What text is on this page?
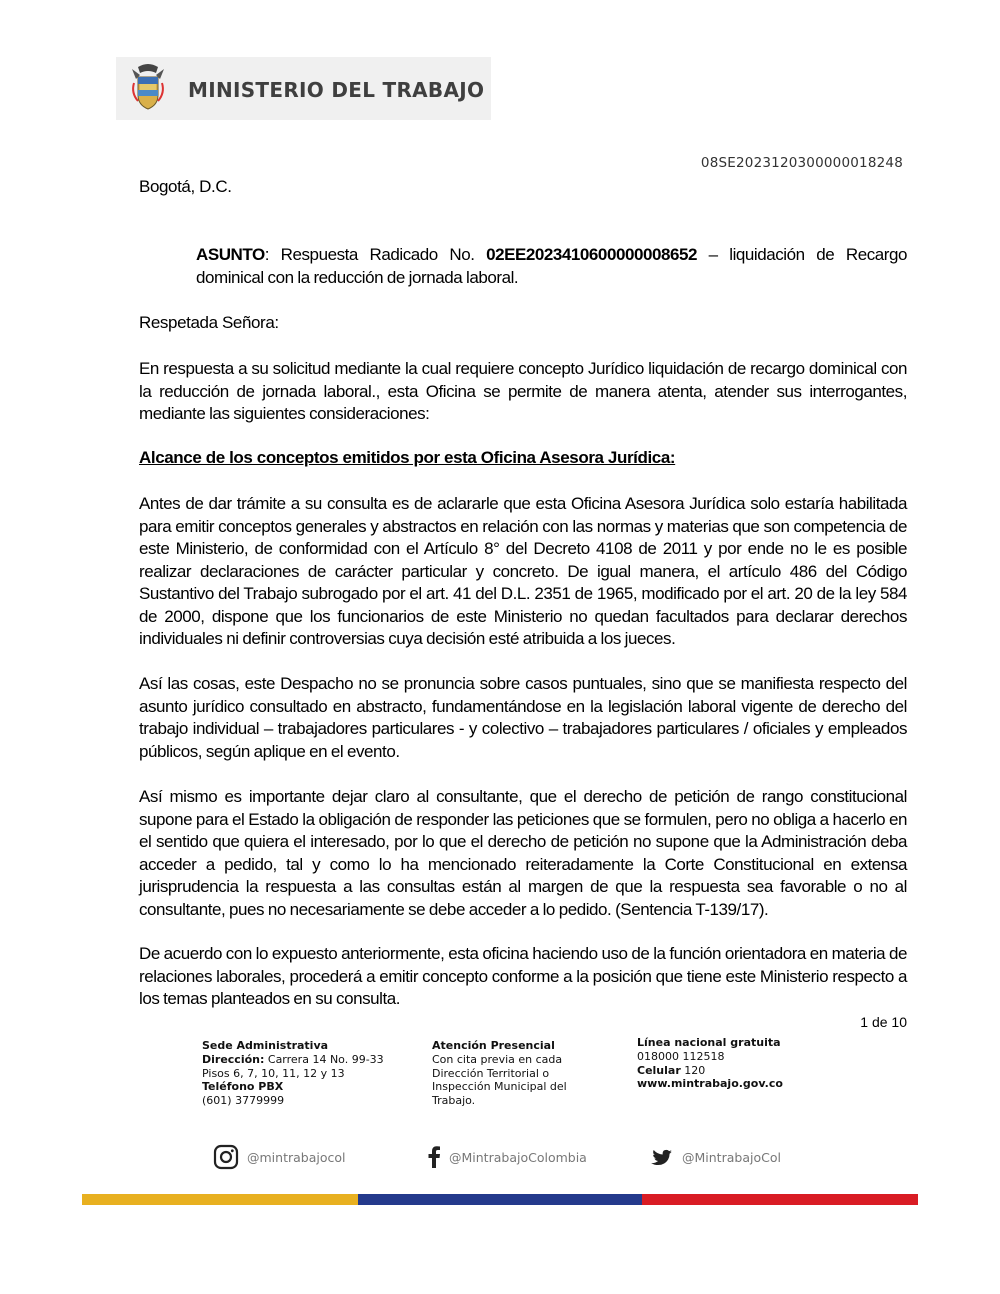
MINISTERIO DEL TRABAJO
08SE2023120300000018248
Bogotá, D.C.
ASUNTO: Respuesta Radicado No. 02EE2023410600000008652 – liquidación de Recargo dominical con la reducción de jornada laboral.
Respetada Señora:
En respuesta a su solicitud mediante la cual requiere concepto Jurídico liquidación de recargo dominical con la reducción de jornada laboral., esta Oficina se permite de manera atenta, atender sus interrogantes, mediante las siguientes consideraciones:
Alcance de los conceptos emitidos por esta Oficina Asesora Jurídica:
Antes de dar trámite a su consulta es de aclararle que esta Oficina Asesora Jurídica solo estaría habilitada para emitir conceptos generales y abstractos en relación con las normas y materias que son competencia de este Ministerio, de conformidad con el Artículo 8° del Decreto 4108 de 2011 y por ende no le es posible realizar declaraciones de carácter particular y concreto. De igual manera, el artículo 486 del Código Sustantivo del Trabajo subrogado por el art. 41 del D.L. 2351 de 1965, modificado por el art. 20 de la ley 584 de 2000, dispone que los funcionarios de este Ministerio no quedan facultados para declarar derechos individuales ni definir controversias cuya decisión esté atribuida a los jueces.
Así las cosas, este Despacho no se pronuncia sobre casos puntuales, sino que se manifiesta respecto del asunto jurídico consultado en abstracto, fundamentándose en la legislación laboral vigente de derecho del trabajo individual – trabajadores particulares - y colectivo – trabajadores particulares / oficiales y empleados públicos, según aplique en el evento.
Así mismo es importante dejar claro al consultante, que el derecho de petición de rango constitucional supone para el Estado la obligación de responder las peticiones que se formulen, pero no obliga a hacerlo en el sentido que quiera el interesado, por lo que el derecho de petición no supone que la Administración deba acceder a pedido, tal y como lo ha mencionado reiteradamente la Corte Constitucional en extensa jurisprudencia la respuesta a las consultas están al margen de que la respuesta sea favorable o no al consultante, pues no necesariamente se debe acceder a lo pedido. (Sentencia T-139/17).
De acuerdo con lo expuesto anteriormente, esta oficina haciendo uso de la función orientadora en materia de relaciones laborales, procederá a emitir concepto conforme a la posición que tiene este Ministerio respecto a los temas planteados en su consulta.
1 de 10
Sede Administrativa
Dirección: Carrera 14 No. 99-33
Pisos 6, 7, 10, 11, 12 y 13
Teléfono PBX
(601) 3779999
Atención Presencial
Con cita previa en cada
Dirección Territorial o
Inspección Municipal del
Trabajo.
Línea nacional gratuita
018000 112518
Celular 120
www.mintrabajo.gov.co
@mintrabajocol	@MintrabajoColombia	@MintrabajoCol
